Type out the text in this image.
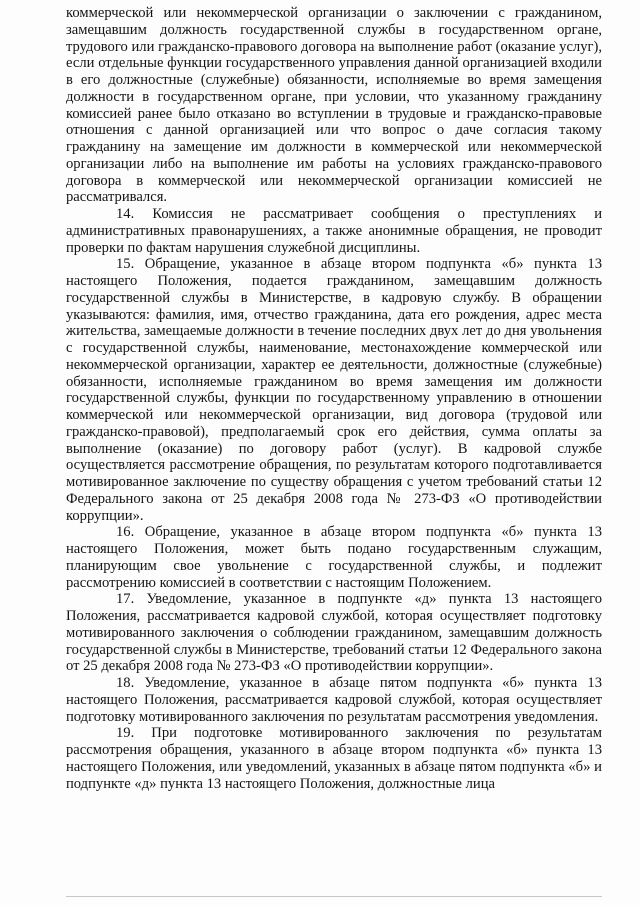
коммерческой или некоммерческой организации о заключении с гражданином, замещавшим должность государственной службы в государственном органе, трудового или гражданско-правового договора на выполнение работ (оказание услуг), если отдельные функции государственного управления данной организацией входили в его должностные (служебные) обязанности, исполняемые во время замещения должности в государственном органе, при условии, что указанному гражданину комиссией ранее было отказано во вступлении в трудовые и гражданско-правовые отношения с данной организацией или что вопрос о даче согласия такому гражданину на замещение им должности в коммерческой или некоммерческой организации либо на выполнение им работы на условиях гражданско-правового договора в коммерческой или некоммерческой организации комиссией не рассматривался.

14. Комиссия не рассматривает сообщения о преступлениях и административных правонарушениях, а также анонимные обращения, не проводит проверки по фактам нарушения служебной дисциплины.

15. Обращение, указанное в абзаце втором подпункта «б» пункта 13 настоящего Положения, подается гражданином, замещавшим должность государственной службы в Министерстве, в кадровую службу. В обращении указываются: фамилия, имя, отчество гражданина, дата его рождения, адрес места жительства, замещаемые должности в течение последних двух лет до дня увольнения с государственной службы, наименование, местонахождение коммерческой или некоммерческой организации, характер ее деятельности, должностные (служебные) обязанности, исполняемые гражданином во время замещения им должности государственной службы, функции по государственному управлению в отношении коммерческой или некоммерческой организации, вид договора (трудовой или гражданско-правовой), предполагаемый срок его действия, сумма оплаты за выполнение (оказание) по договору работ (услуг). В кадровой службе осуществляется рассмотрение обращения, по результатам которого подготавливается мотивированное заключение по существу обращения с учетом требований статьи 12 Федерального закона от 25 декабря 2008 года № 273-ФЗ «О противодействии коррупции».

16. Обращение, указанное в абзаце втором подпункта «б» пункта 13 настоящего Положения, может быть подано государственным служащим, планирующим свое увольнение с государственной службы, и подлежит рассмотрению комиссией в соответствии с настоящим Положением.

17. Уведомление, указанное в подпункте «д» пункта 13 настоящего Положения, рассматривается кадровой службой, которая осуществляет подготовку мотивированного заключения о соблюдении гражданином, замещавшим должность государственной службы в Министерстве, требований статьи 12 Федерального закона от 25 декабря 2008 года № 273-ФЗ «О противодействии коррупции».

18. Уведомление, указанное в абзаце пятом подпункта «б» пункта 13 настоящего Положения, рассматривается кадровой службой, которая осуществляет подготовку мотивированного заключения по результатам рассмотрения уведомления.

19. При подготовке мотивированного заключения по результатам рассмотрения обращения, указанного в абзаце втором подпункта «б» пункта 13 настоящего Положения, или уведомлений, указанных в абзаце пятом подпункта «б» и подпункте «д» пункта 13 настоящего Положения, должностные лица
